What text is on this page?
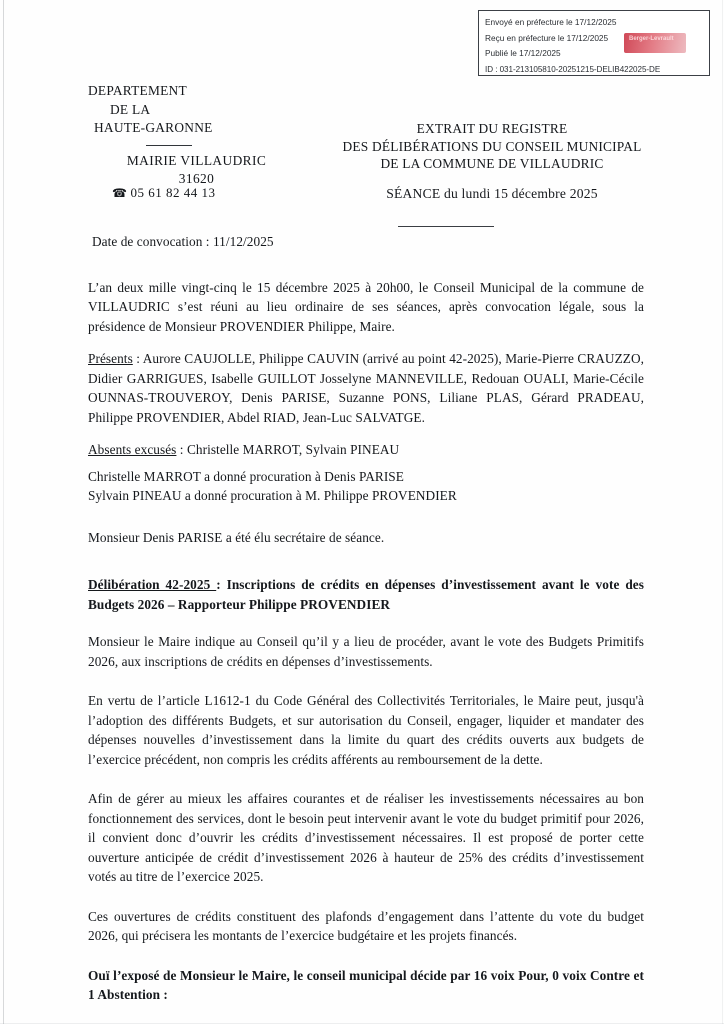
Envoyé en préfecture le 17/12/2025
Reçu en préfecture le 17/12/2025
Publié le 17/12/2025
ID : 031-213105810-20251215-DELIB422025-DE
Berger-Levrault
DEPARTEMENT
DE LA
HAUTE-GARONNE
MAIRIE VILLAUDRIC
31620
☎ 05 61 82 44 13
EXTRAIT DU REGISTRE
DES DÉLIBÉRATIONS DU CONSEIL MUNICIPAL
DE LA COMMUNE DE VILLAUDRIC
SÉANCE du lundi 15 décembre 2025

Date de convocation : 11/12/2025

L’an deux mille vingt-cinq le 15 décembre 2025 à 20h00, le Conseil Municipal de la commune de VILLAUDRIC s’est réuni au lieu ordinaire de ses séances, après convocation légale, sous la présidence de Monsieur PROVENDIER Philippe, Maire.

Présents : Aurore CAUJOLLE, Philippe CAUVIN (arrivé au point 42-2025), Marie-Pierre CRAUZZO, Didier GARRIGUES, Isabelle GUILLOT Josselyne MANNEVILLE, Redouan OUALI, Marie-Cécile OUNNAS-TROUVEROY, Denis PARISE, Suzanne PONS, Liliane PLAS, Gérard PRADEAU, Philippe PROVENDIER, Abdel RIAD, Jean-Luc SALVATGE.

Absents excusés : Christelle MARROT, Sylvain PINEAU

Christelle MARROT a donné procuration à Denis PARISE

Sylvain PINEAU a donné procuration à M. Philippe PROVENDIER

Monsieur Denis PARISE a été élu secrétaire de séance.

Délibération 42-2025 : Inscriptions de crédits en dépenses d’investissement avant le vote des Budgets 2026 – Rapporteur Philippe PROVENDIER

Monsieur le Maire indique au Conseil qu’il y a lieu de procéder, avant le vote des Budgets Primitifs 2026, aux inscriptions de crédits en dépenses d’investissements.

En vertu de l’article L1612-1 du Code Général des Collectivités Territoriales, le Maire peut, jusqu'à l’adoption des différents Budgets, et sur autorisation du Conseil, engager, liquider et mandater des dépenses nouvelles d’investissement dans la limite du quart des crédits ouverts aux budgets de l’exercice précédent, non compris les crédits afférents au remboursement de la dette.

Afin de gérer au mieux les affaires courantes et de réaliser les investissements nécessaires au bon fonctionnement des services, dont le besoin peut intervenir avant le vote du budget primitif pour 2026, il convient donc d’ouvrir les crédits d’investissement nécessaires. Il est proposé de porter cette ouverture anticipée de crédit d’investissement 2026 à hauteur de 25% des crédits d’investissement votés au titre de l’exercice 2025.

Ces ouvertures de crédits constituent des plafonds d’engagement dans l’attente du vote du budget 2026, qui précisera les montants de l’exercice budgétaire et les projets financés.

Ouï l’exposé de Monsieur le Maire, le conseil municipal décide par 16 voix Pour, 0 voix Contre et 1 Abstention :
